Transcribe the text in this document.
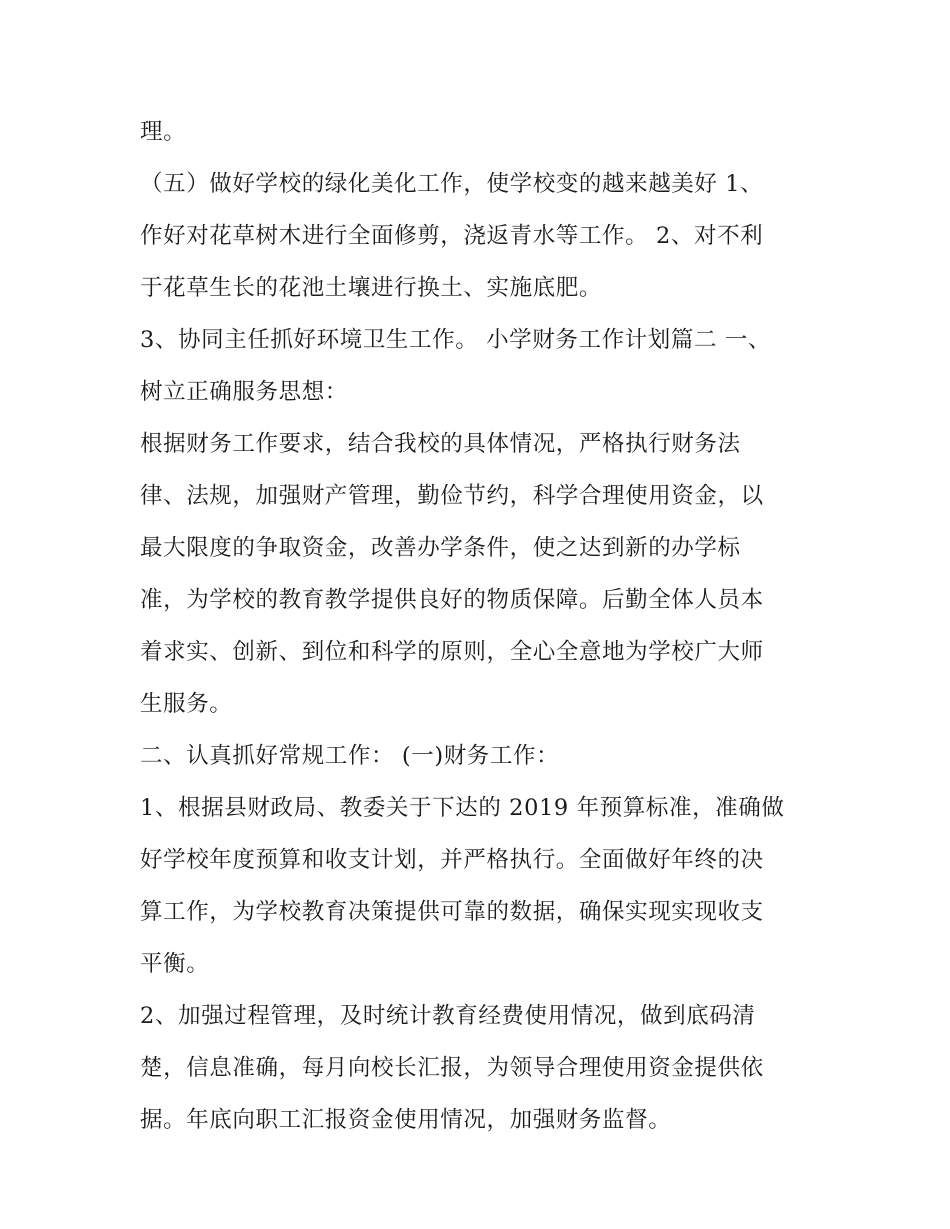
理。
（五）做好学校的绿化美化工作，使学校变的越来越美好 1、
作好对花草树木进行全面修剪，浇返青水等工作。 2、对不利
于花草生长的花池土壤进行换土、实施底肥。
3、协同主任抓好环境卫生工作。 小学财务工作计划篇二 一、
树立正确服务思想：
根据财务工作要求，结合我校的具体情况，严格执行财务法
律、法规，加强财产管理，勤俭节约，科学合理使用资金，以
最大限度的争取资金，改善办学条件，使之达到新的办学标
准，为学校的教育教学提供良好的物质保障。后勤全体人员本
着求实、创新、到位和科学的原则，全心全意地为学校广大师
生服务。
二、认真抓好常规工作： (一)财务工作：
1、根据县财政局、教委关于下达的 2019 年预算标准，准确做
好学校年度预算和收支计划，并严格执行。全面做好年终的决
算工作，为学校教育决策提供可靠的数据，确保实现实现收支
平衡。
2、加强过程管理，及时统计教育经费使用情况，做到底码清
楚，信息准确，每月向校长汇报，为领导合理使用资金提供依
据。年底向职工汇报资金使用情况，加强财务监督。
